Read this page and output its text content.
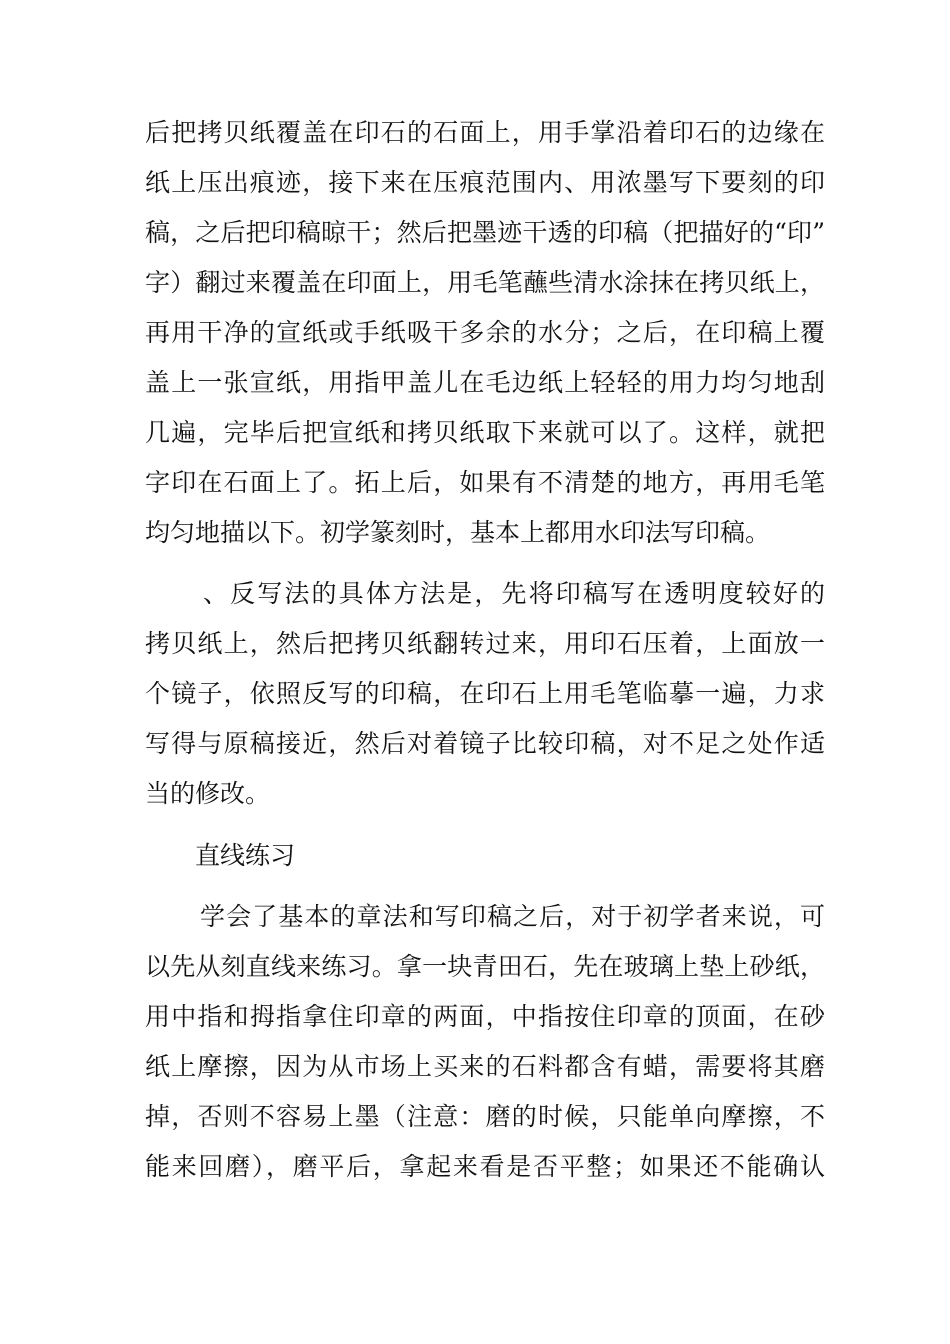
后把拷贝纸覆盖在印石的石面上，用手掌沿着印石的边缘在
纸上压出痕迹，接下来在压痕范围内、用浓墨写下要刻的印
稿，之后把印稿晾干；然后把墨迹干透的印稿（把描好的“印”
字）翻过来覆盖在印面上，用毛笔蘸些清水涂抹在拷贝纸上，
再用干净的宣纸或手纸吸干多余的水分；之后，在印稿上覆
盖上一张宣纸，用指甲盖儿在毛边纸上轻轻的用力均匀地刮
几遍，完毕后把宣纸和拷贝纸取下来就可以了。这样，就把
字印在石面上了。拓上后，如果有不清楚的地方，再用毛笔
均匀地描以下。初学篆刻时，基本上都用水印法写印稿。
、反写法的具体方法是，先将印稿写在透明度较好的
拷贝纸上，然后把拷贝纸翻转过来，用印石压着，上面放一
个镜子，依照反写的印稿，在印石上用毛笔临摹一遍，力求
写得与原稿接近，然后对着镜子比较印稿，对不足之处作适
当的修改。
直线练习
学会了基本的章法和写印稿之后，对于初学者来说，可
以先从刻直线来练习。拿一块青田石，先在玻璃上垫上砂纸，
用中指和拇指拿住印章的两面，中指按住印章的顶面，在砂
纸上摩擦，因为从市场上买来的石料都含有蜡，需要将其磨
掉，否则不容易上墨（注意：磨的时候，只能单向摩擦，不
能来回磨），磨平后，拿起来看是否平整；如果还不能确认
